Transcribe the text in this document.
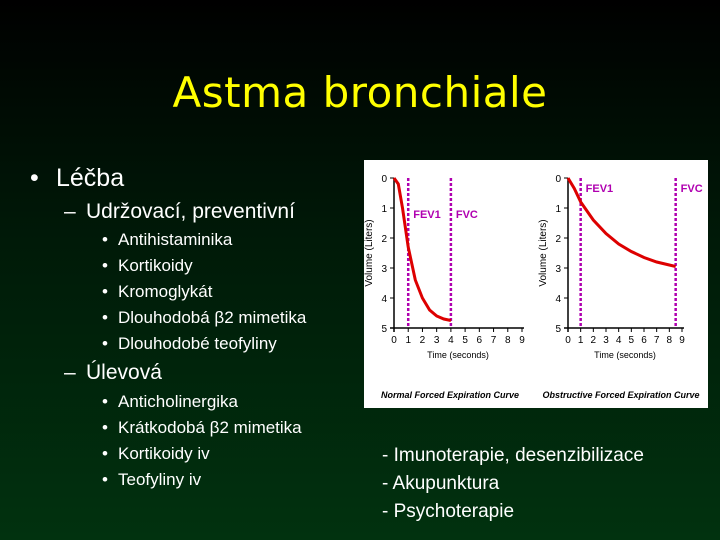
Astma bronchiale
• Léčba
– Udržovací, preventivní
• Antihistaminika
• Kortikoidy
• Kromoglykát
• Dlouhodobá β2 mimetika
• Dlouhodobé teofyliny
– Úlevová
• Anticholinergika
• Krátkodobá β2 mimetika
• Kortikoidy iv
• Teofyliny iv
0
1
2
3
4
5
0 1 2 3 4 5 6 7 8 9
Time (seconds)
Volume (Liters)
FEV1 FVC
Normal Forced Expiration Curve
0
1
2
3
4
5
0 1 2 3 4 5 6 7 8 9
Time (seconds)
Volume (Liters)
FEV1	FVC
Obstructive Forced Expiration Curve
- Imunoterapie, desenzibilizace
- Akupunktura
- Psychoterapie
